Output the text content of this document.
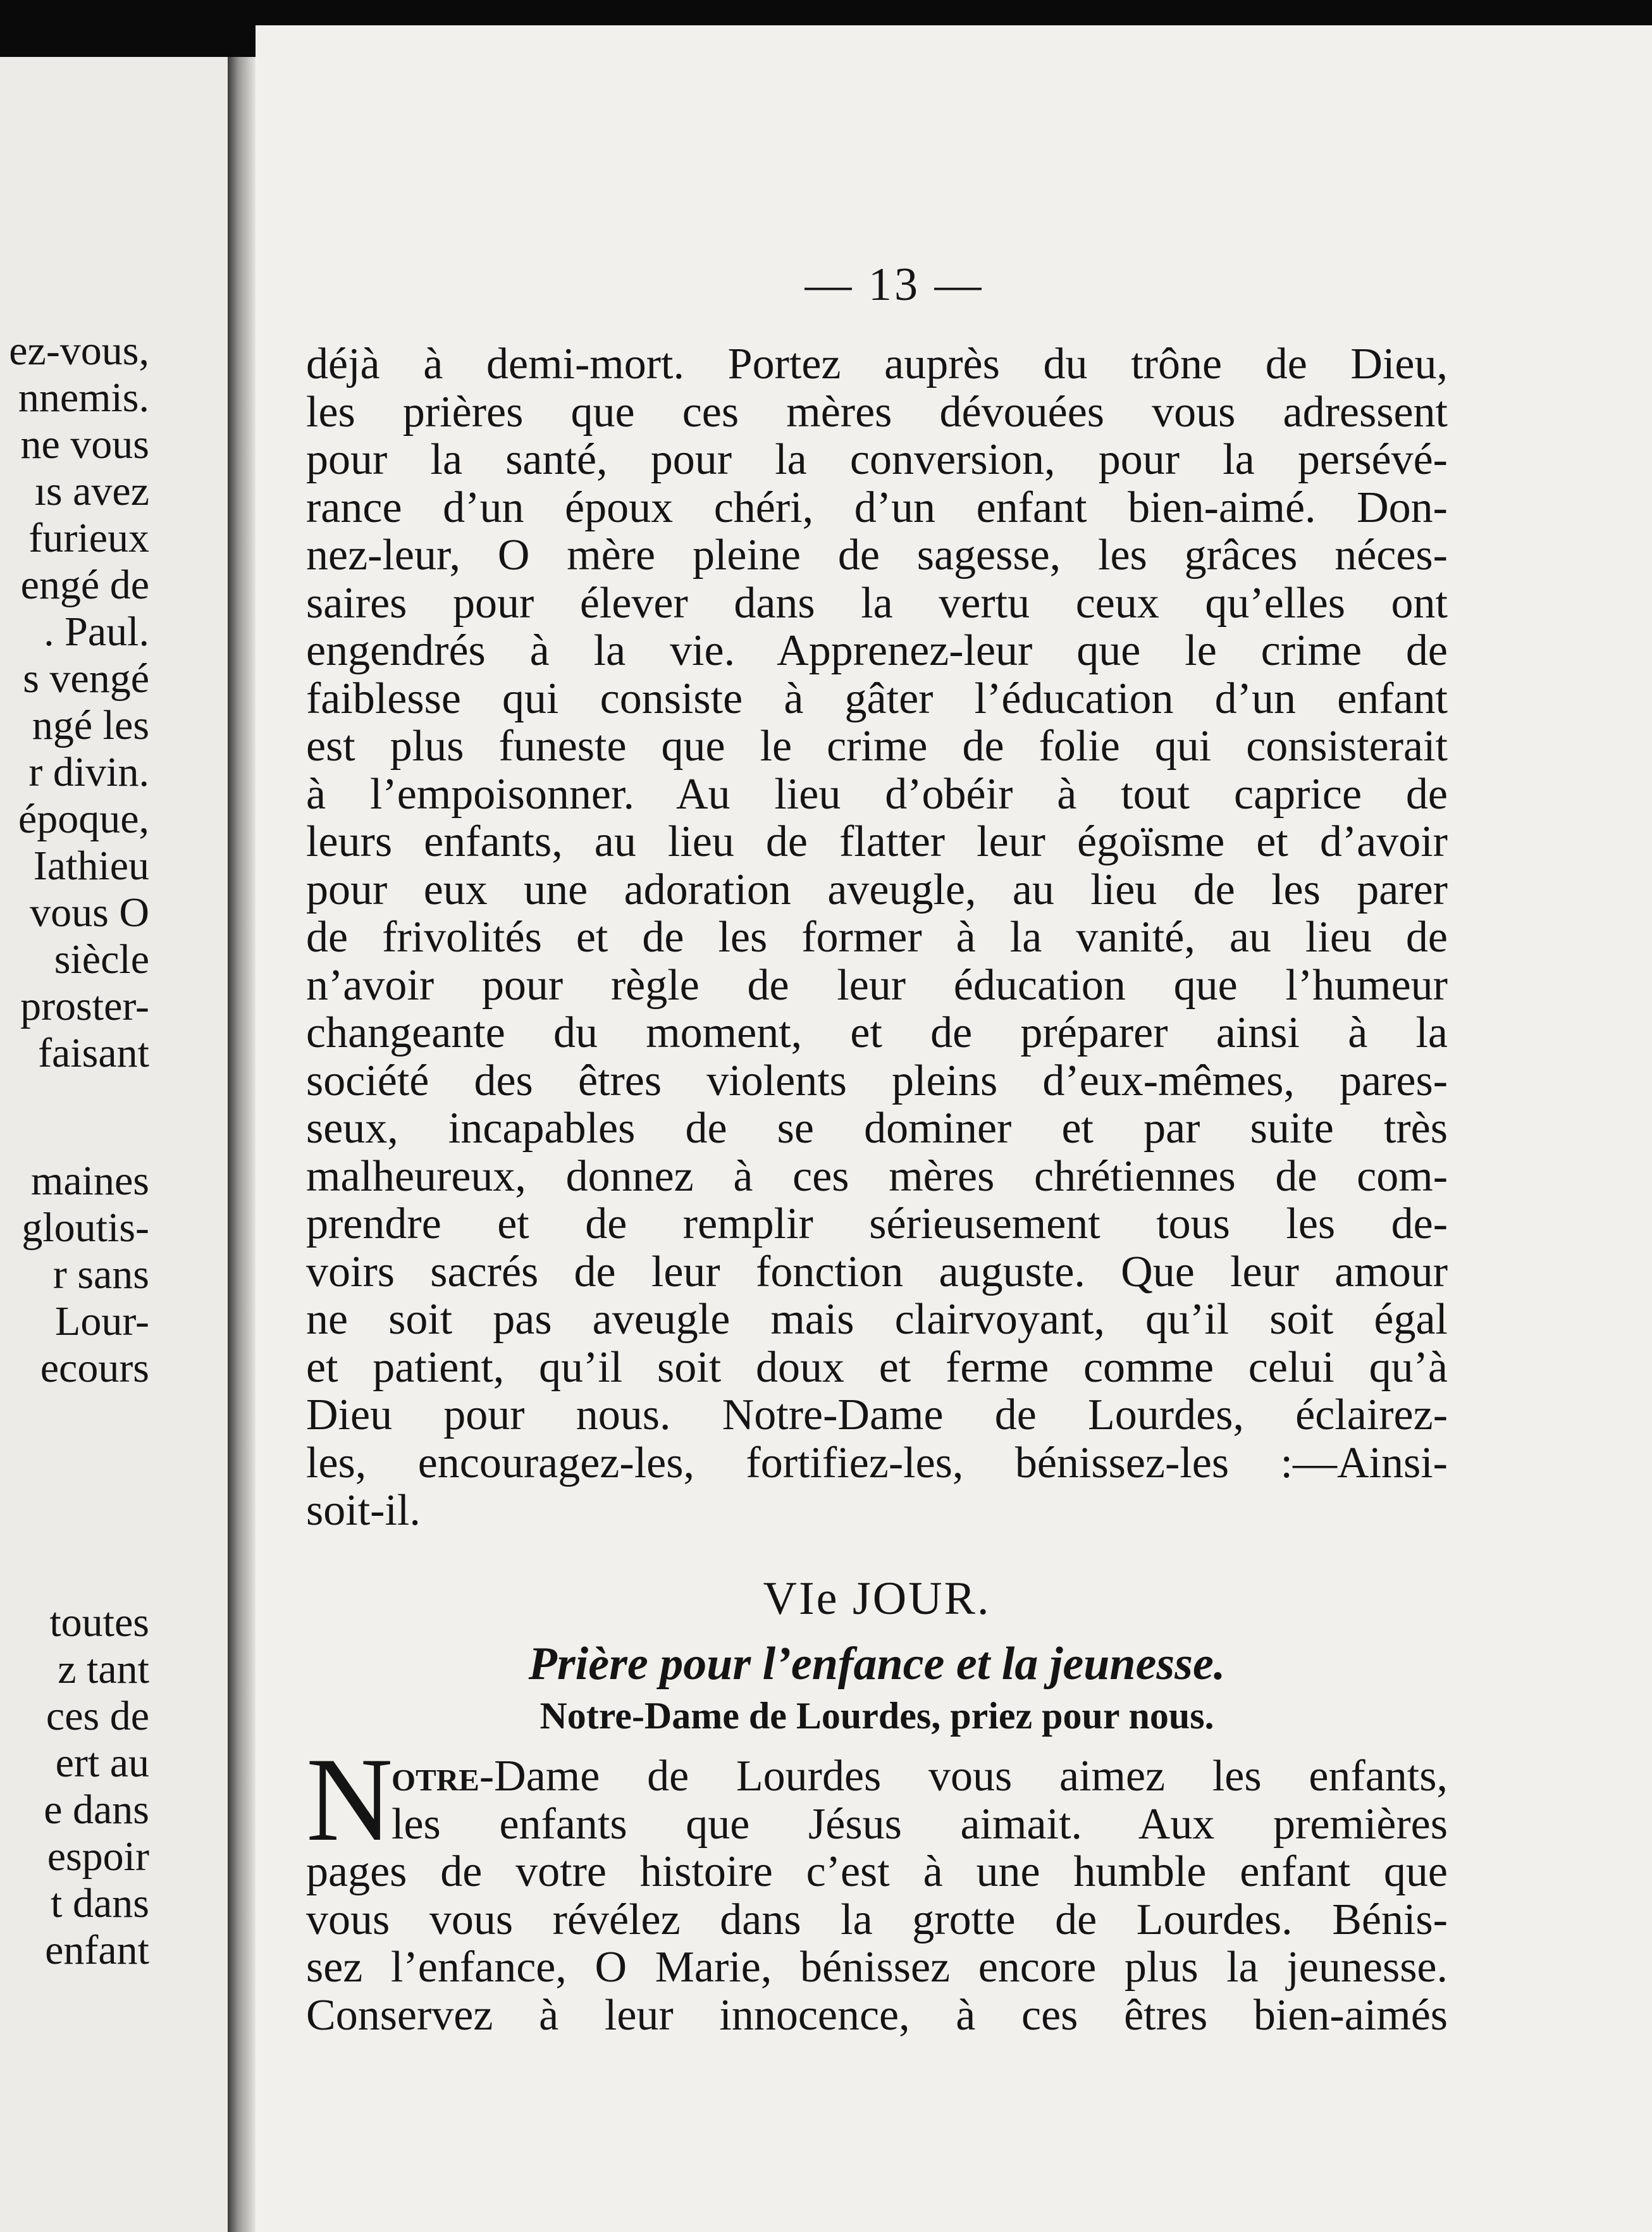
ez-vous,
nnemis.
ne vous
ıs avez
furieux
engé de
. Paul.
s vengé
ngé les
r divin.
époque,
Iathieu
vous O
siècle
proster-
faisant
maines
gloutis-
r sans
Lour-
ecours
toutes
z tant
ces de
ert au
e dans
espoir
t dans
enfant
— 13 —
déjà à demi-mort. Portez auprès du trône de Dieu,
les prières que ces mères dévouées vous adressent
pour la santé, pour la conversion, pour la persévé-
rance d’un époux chéri, d’un enfant bien-aimé. Don-
nez-leur, O mère pleine de sagesse, les grâces néces-
saires pour élever dans la vertu ceux qu’elles ont
engendrés à la vie. Apprenez-leur que le crime de
faiblesse qui consiste à gâter l’éducation d’un enfant
est plus funeste que le crime de folie qui consisterait
à l’empoisonner. Au lieu d’obéir à tout caprice de
leurs enfants, au lieu de flatter leur égoïsme et d’avoir
pour eux une adoration aveugle, au lieu de les parer
de frivolités et de les former à la vanité, au lieu de
n’avoir pour règle de leur éducation que l’humeur
changeante du moment, et de préparer ainsi à la
société des êtres violents pleins d’eux-mêmes, pares-
seux, incapables de se dominer et par suite très
malheureux, donnez à ces mères chrétiennes de com-
prendre et de remplir sérieusement tous les de-
voirs sacrés de leur fonction auguste. Que leur amour
ne soit pas aveugle mais clairvoyant, qu’il soit égal
et patient, qu’il soit doux et ferme comme celui qu’à
Dieu pour nous. Notre-Dame de Lourdes, éclairez-
les, encouragez-les, fortifiez-les, bénissez-les :—Ainsi-
soit-il.
VIe JOUR.
Prière pour l’enfance et la jeunesse.
Notre-Dame de Lourdes, priez pour nous.
N
otre-Dame de Lourdes vous aimez les enfants,
les enfants que Jésus aimait. Aux premières
pages de votre histoire c’est à une humble enfant que
vous vous révélez dans la grotte de Lourdes. Bénis-
sez l’enfance, O Marie, bénissez encore plus la jeunesse.
Conservez à leur innocence, à ces êtres bien-aimés
